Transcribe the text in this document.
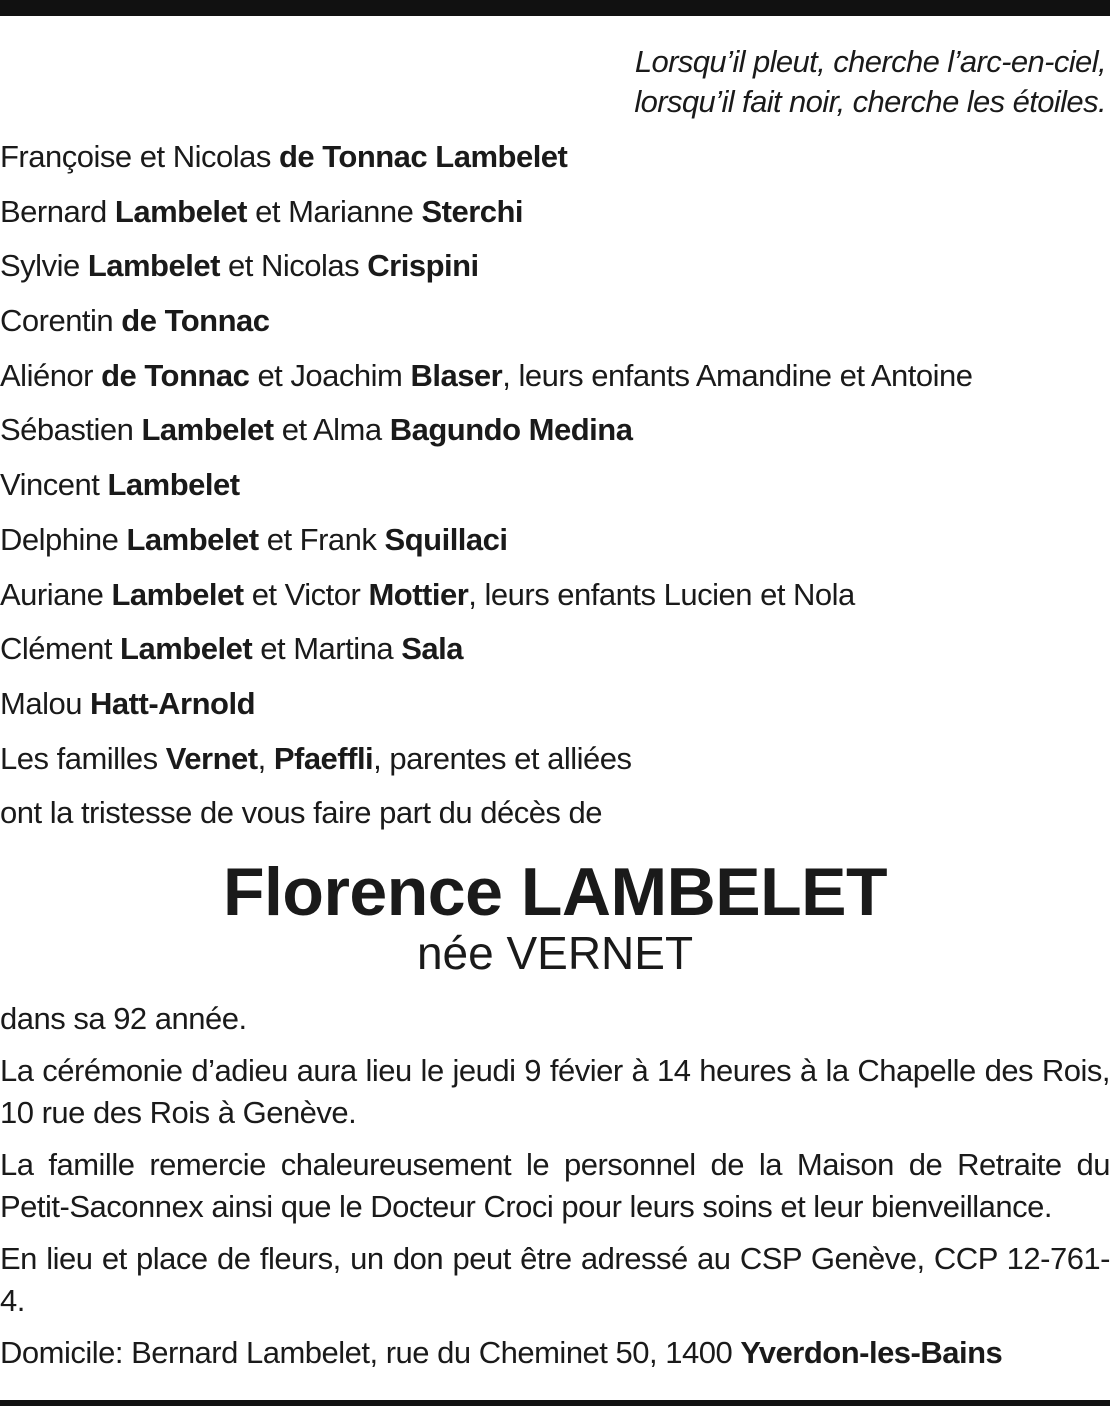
Lorsqu’il pleut, cherche l’arc-en-ciel,
lorsqu’il fait noir, cherche les étoiles.
Françoise et Nicolas de Tonnac Lambelet
Bernard Lambelet et Marianne Sterchi
Sylvie Lambelet et Nicolas Crispini
Corentin de Tonnac
Aliénor de Tonnac et Joachim Blaser, leurs enfants Amandine et Antoine
Sébastien Lambelet et Alma Bagundo Medina
Vincent Lambelet
Delphine Lambelet et Frank Squillaci
Auriane Lambelet et Victor Mottier, leurs enfants Lucien et Nola
Clément Lambelet et Martina Sala
Malou Hatt-Arnold
Les familles Vernet, Pfaeffli, parentes et alliées
ont la tristesse de vous faire part du décès de
Florence LAMBELET
née VERNET
dans sa 92 année.
La cérémonie d’adieu aura lieu le jeudi 9 févier à 14 heures à la Chapelle des Rois, 10 rue des Rois à Genève.
La famille remercie chaleureusement le personnel de la Maison de Retraite du Petit-Saconnex ainsi que le Docteur Croci pour leurs soins et leur bienveillance.
En lieu et place de fleurs, un don peut être adressé au CSP Genève, CCP 12-761-4.
Domicile: Bernard Lambelet, rue du Cheminet 50, 1400 Yverdon-les-Bains
